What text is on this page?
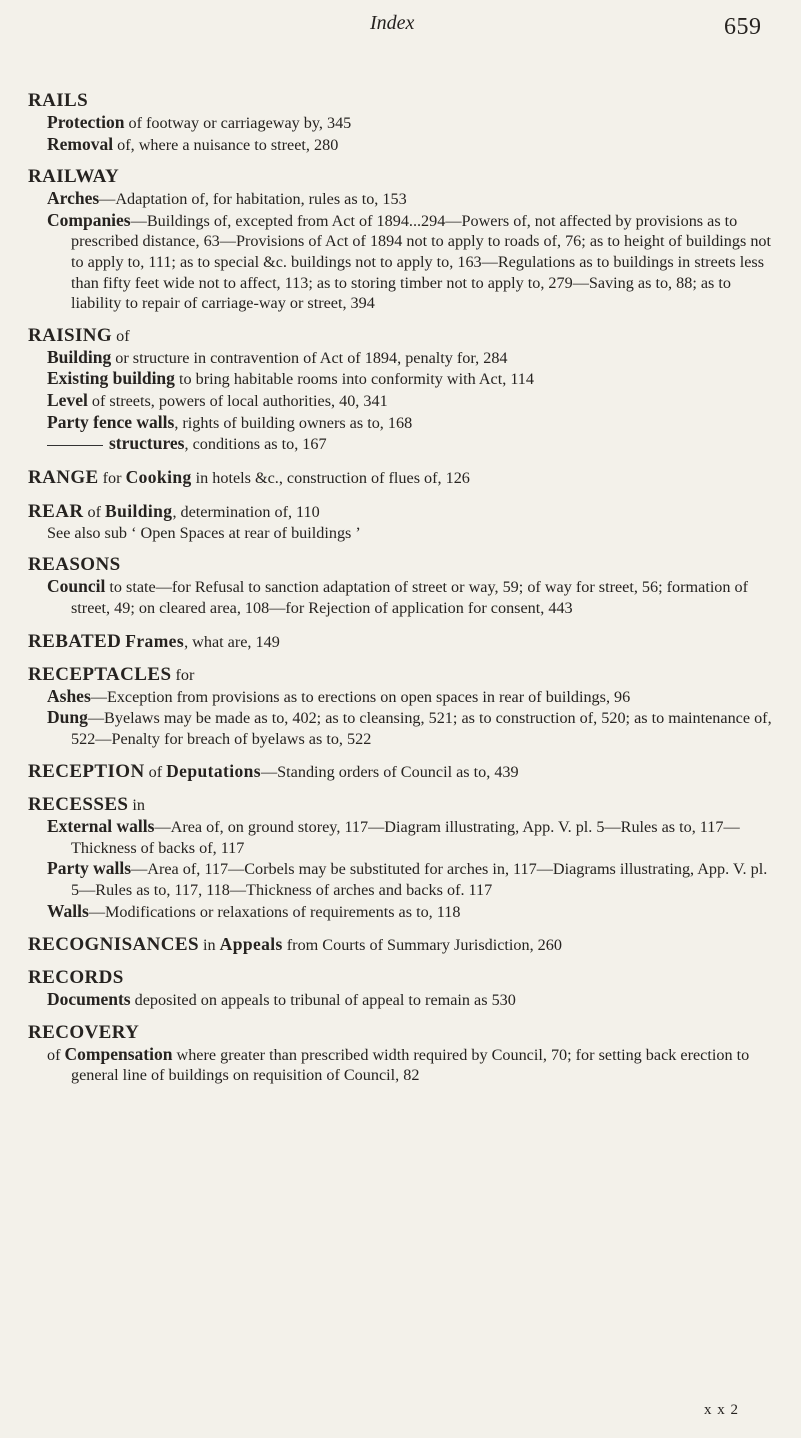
Index	659
RAILS
Protection of footway or carriageway by, 345
Removal of, where a nuisance to street, 280
RAILWAY
Arches—Adaptation of, for habitation, rules as to, 153
Companies—Buildings of, excepted from Act of 1894...294—Powers of, not affected by provisions as to prescribed distance, 63—Provisions of Act of 1894 not to apply to roads of, 76; as to height of buildings not to apply to, 111; as to special &c. buildings not to apply to, 163—Regulations as to buildings in streets less than fifty feet wide not to affect, 113; as to storing timber not to apply to, 279—Saving as to, 88; as to liability to repair of carriage-way or street, 394
RAISING of
Building or structure in contravention of Act of 1894, penalty for, 284
Existing building to bring habitable rooms into conformity with Act, 114
Level of streets, powers of local authorities, 40, 341
Party fence walls, rights of building owners as to, 168
structures, conditions as to, 167
RANGE for Cooking in hotels &c., construction of flues of, 126
REAR of Building, determination of, 110
See also sub ‘ Open Spaces at rear of buildings ’
REASONS
Council to state—for Refusal to sanction adaptation of street or way, 59; of way for street, 56; formation of street, 49; on cleared area, 108—for Rejection of application for consent, 443
REBATED Frames, what are, 149
RECEPTACLES for
Ashes—Exception from provisions as to erections on open spaces in rear of buildings, 96
Dung—Byelaws may be made as to, 402; as to cleansing, 521; as to construction of, 520; as to maintenance of, 522—Penalty for breach of byelaws as to, 522
RECEPTION of Deputations—Standing orders of Council as to, 439
RECESSES in
External walls—Area of, on ground storey, 117—Diagram illustrating, App. V. pl. 5—Rules as to, 117—Thickness of backs of, 117
Party walls—Area of, 117—Corbels may be substituted for arches in, 117—Diagrams illustrating, App. V. pl. 5—Rules as to, 117, 118—Thickness of arches and backs of. 117
Walls—Modifications or relaxations of requirements as to, 118
RECOGNISANCES in Appeals from Courts of Summary Jurisdiction, 260
RECORDS
Documents deposited on appeals to tribunal of appeal to remain as 530
RECOVERY
of Compensation where greater than prescribed width required by Council, 70; for setting back erection to general line of buildings on requisition of Council, 82
x x 2
